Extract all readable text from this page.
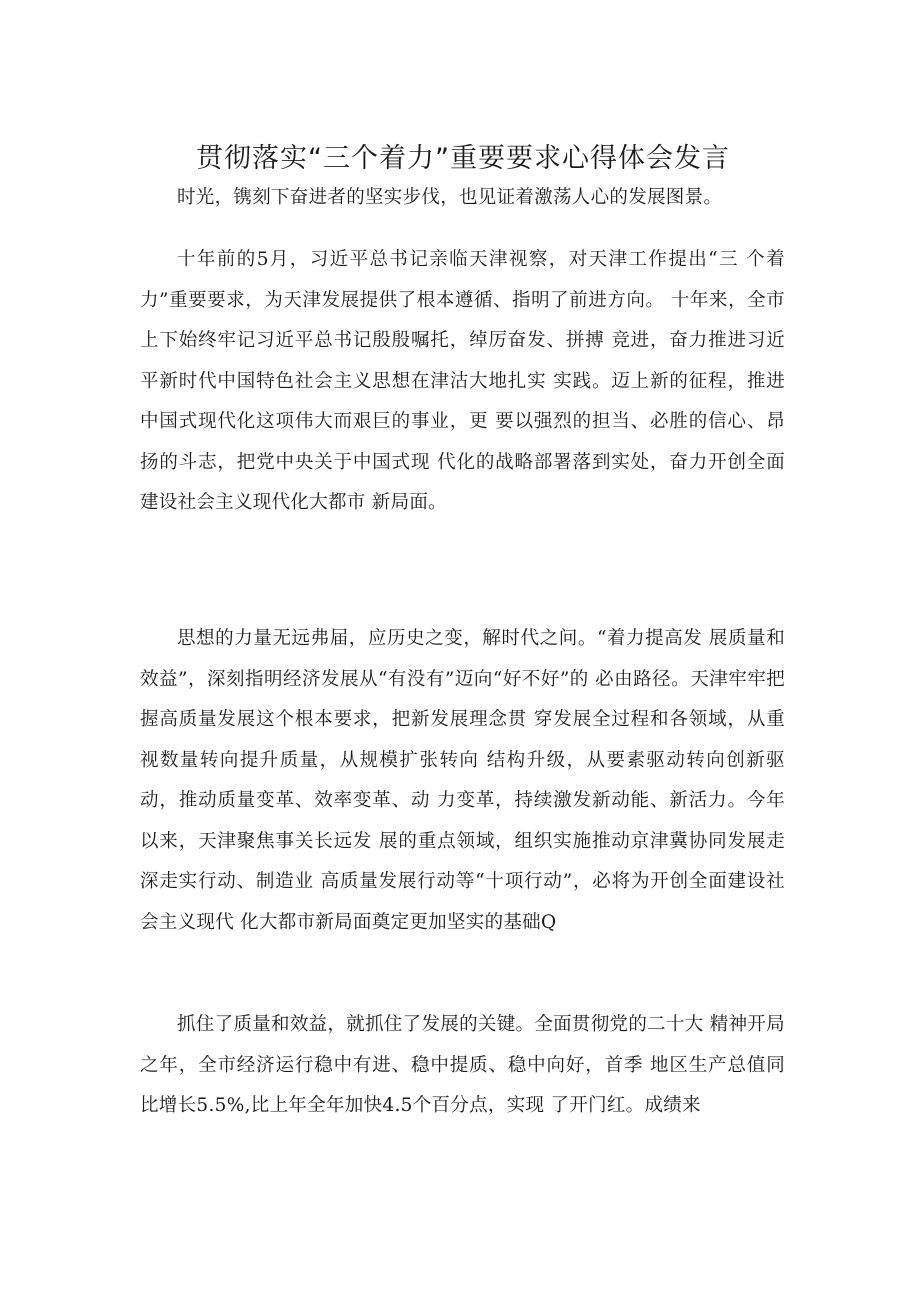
贯彻落实“三个着力”重要要求心得体会发言

时光，镌刻下奋进者的坚实步伐，也见证着激荡人心的发展图景。

十年前的5月，习近平总书记亲临天津视察，对天津工作提出“三 个着力”重要要求，为天津发展提供了根本遵循、指明了前进方向。 十年来，全市上下始终牢记习近平总书记殷殷嘱托，绰厉奋发、拼搏 竞进，奋力推进习近平新时代中国特色社会主义思想在津沽大地扎实 实践。迈上新的征程，推进中国式现代化这项伟大而艰巨的事业，更 要以强烈的担当、必胜的信心、昂扬的斗志，把党中央关于中国式现 代化的战略部署落到实处，奋力开创全面建设社会主义现代化大都市 新局面。

思想的力量无远弗届，应历史之变，解时代之问。“着力提高发 展质量和效益”，深刻指明经济发展从“有没有”迈向“好不好”的 必由路径。天津牢牢把握高质量发展这个根本要求，把新发展理念贯 穿发展全过程和各领域，从重视数量转向提升质量，从规模扩张转向 结构升级，从要素驱动转向创新驱动，推动质量变革、效率变革、动 力变革，持续激发新动能、新活力。今年以来，天津聚焦事关长远发 展的重点领域，组织实施推动京津冀协同发展走深走实行动、制造业 高质量发展行动等“十项行动”，必将为开创全面建设社会主义现代 化大都市新局面奠定更加坚实的基础Q

抓住了质量和效益，就抓住了发展的关键。全面贯彻党的二十大 精神开局之年，全市经济运行稳中有进、稳中提质、稳中向好，首季 地区生产总值同比增长5.5%,比上年全年加快4.5个百分点，实现 了开门红。成绩来
